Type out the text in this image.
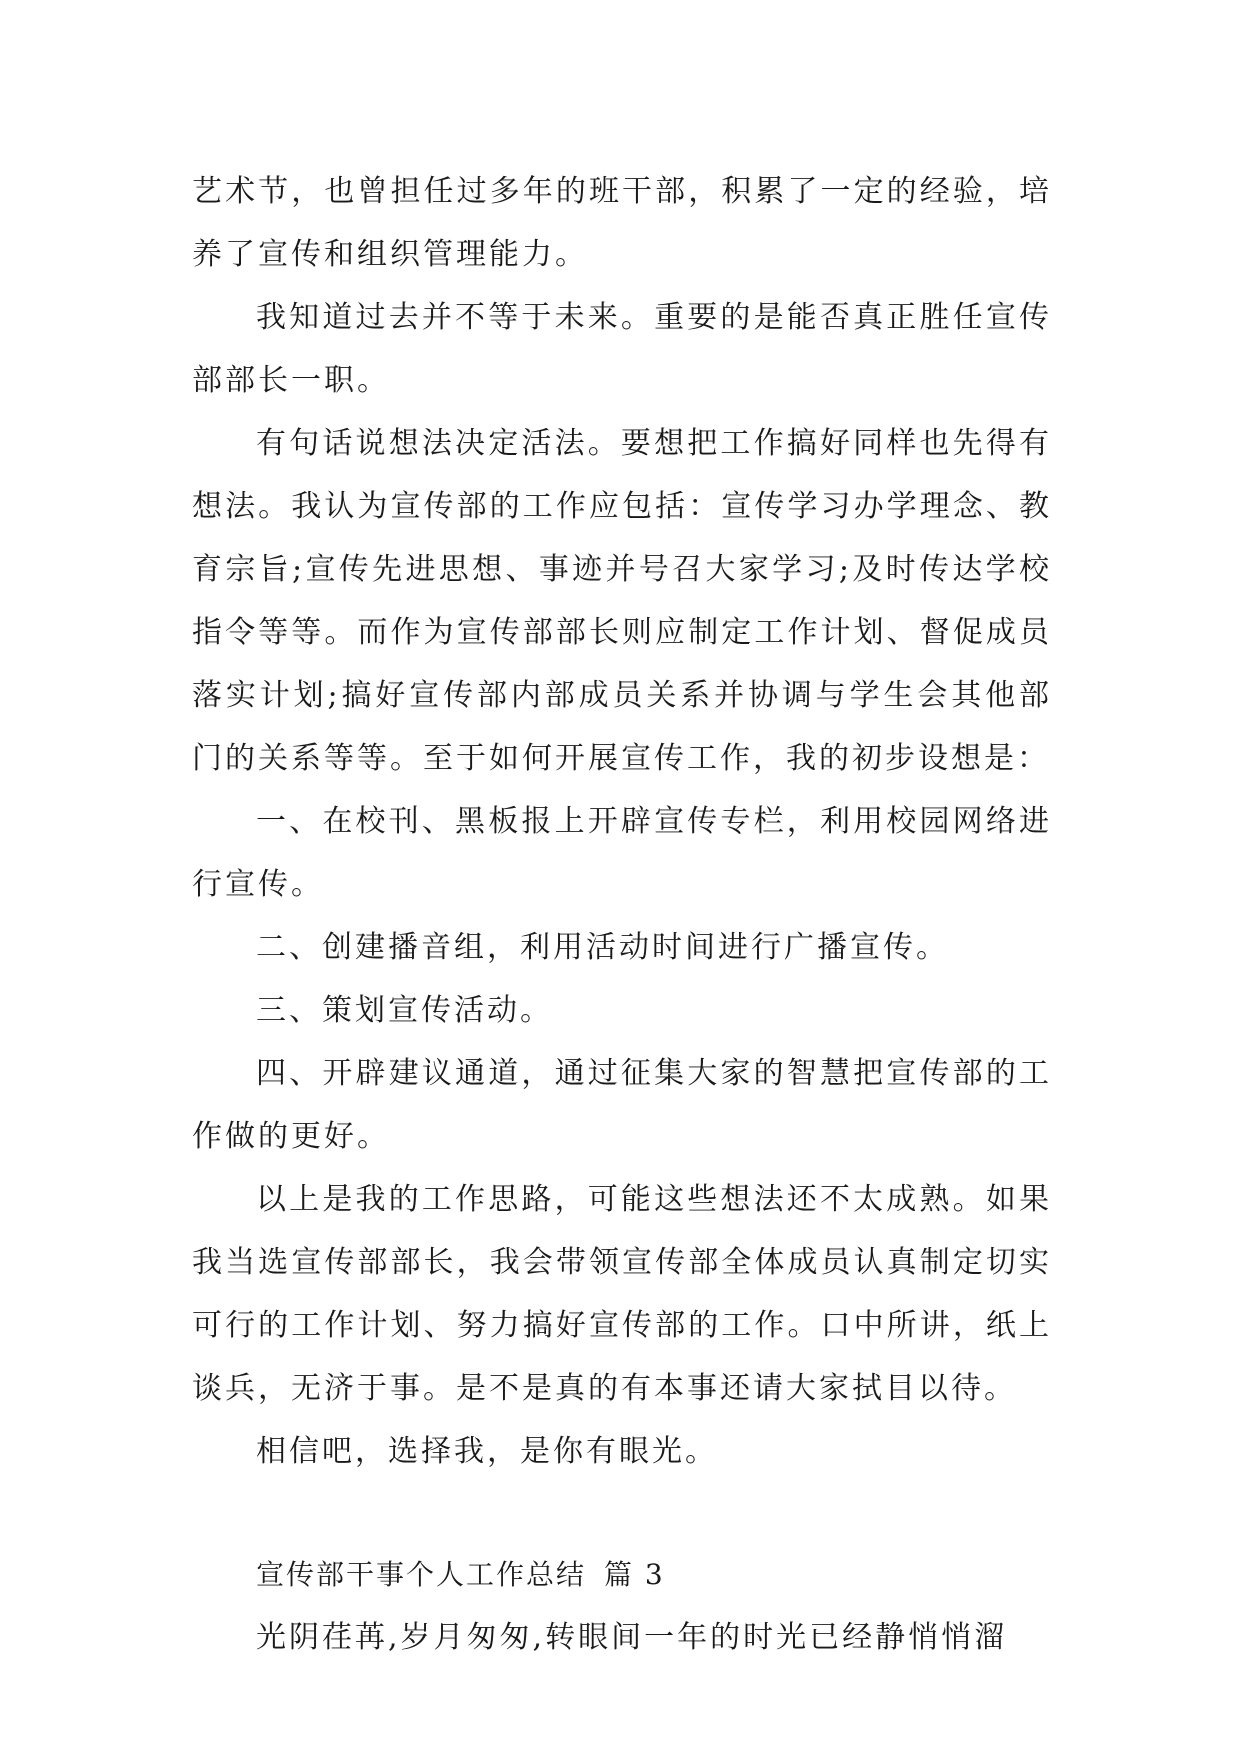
艺术节，也曾担任过多年的班干部，积累了一定的经验，培养了宣传和组织管理能力。

我知道过去并不等于未来。重要的是能否真正胜任宣传部部长一职。

有句话说想法决定活法。要想把工作搞好同样也先得有想法。我认为宣传部的工作应包括：宣传学习办学理念、教育宗旨;宣传先进思想、事迹并号召大家学习;及时传达学校指令等等。而作为宣传部部长则应制定工作计划、督促成员落实计划;搞好宣传部内部成员关系并协调与学生会其他部门的关系等等。至于如何开展宣传工作，我的初步设想是：

一、在校刊、黑板报上开辟宣传专栏，利用校园网络进行宣传。

二、创建播音组，利用活动时间进行广播宣传。

三、策划宣传活动。

四、开辟建议通道，通过征集大家的智慧把宣传部的工作做的更好。

以上是我的工作思路，可能这些想法还不太成熟。如果我当选宣传部部长，我会带领宣传部全体成员认真制定切实可行的工作计划、努力搞好宣传部的工作。口中所讲，纸上谈兵，无济于事。是不是真的有本事还请大家拭目以待。

相信吧，选择我，是你有眼光。

宣传部干事个人工作总结 篇 3

光阴荏苒,岁月匆匆,转眼间一年的时光已经静悄悄溜
